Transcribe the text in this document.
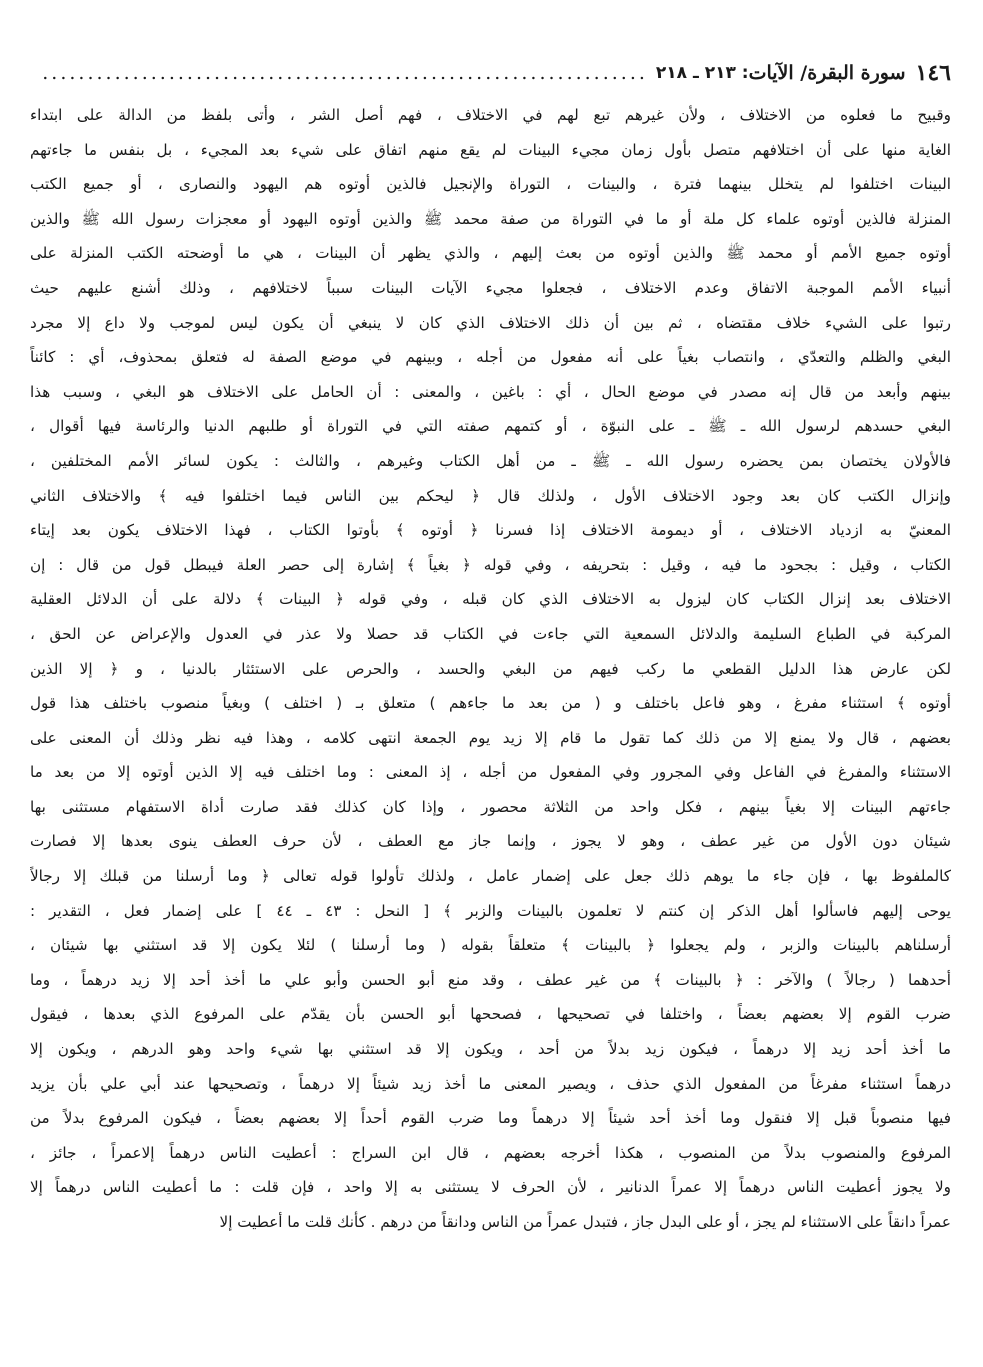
١٤٦
سورة البقرة/ الآيات
: ٢١٣ ـ ٢١٨
.....
وقبيح ما فعلوه من الاختلاف ، ولأن غيرهم تبع لهم في الاختلاف ، فهم أصل الشر ، وأتى بلفظ من الدالة على ابتداء
الغاية منها على أن اختلافهم متصل بأول زمان مجيء البينات لم يقع منهم اتفاق على شيء بعد المجيء ، بل بنفس ما جاءتهم
البينات اختلفوا لم يتخلل بينهما فترة ، والبينات ، التوراة والإنجيل فالذين أوتوه هم اليهود والنصارى ، أو جميع الكتب
المنزلة فالذين أوتوه علماء كل ملة أو ما في التوراة من صفة محمد ﷺ والذين أوتوه اليهود أو معجزات رسول الله ﷺ والذين
أوتوه جميع الأمم أو محمد ﷺ والذين أوتوه من بعث إليهم ، والذي يظهر أن البينات ، هي ما أوضحته الكتب المنزلة على
أنبياء الأمم الموجبة الاتفاق وعدم الاختلاف ، فجعلوا مجيء الآيات البينات سبباً لاختلافهم ، وذلك أشنع عليهم حيث
رتبوا على الشيء خلاف مقتضاه ، ثم بين أن ذلك الاختلاف الذي كان لا ينبغي أن يكون ليس لموجب ولا داع إلا مجرد
البغي والظلم والتعدّي ، وانتصاب بغياً على أنه مفعول من أجله ، وبينهم في موضع الصفة له فتعلق بمحذوف، أي : كائناً
بينهم وأبعد من قال إنه مصدر في موضع الحال ، أي : باغين ، والمعنى : أن الحامل على الاختلاف هو البغي ، وسبب هذا
البغي حسدهم لرسول الله ـ ﷺ ـ على النبوّة ، أو كتمهم صفته التي في التوراة أو طلبهم الدنيا والرئاسة فيها أقوال ،
فالأولان يختصان بمن يحضره رسول الله ـ ﷺ ـ من أهل الكتاب وغيرهم ، والثالث : يكون لسائر الأمم المختلفين ،
وإنزال الكتب كان بعد وجود الاختلاف الأول ، ولذلك قال ﴿ ليحكم بين الناس فيما اختلفوا فيه ﴾ والاختلاف الثاني
المعنيّ به ازدياد الاختلاف ، أو ديمومة الاختلاف إذا فسرنا ﴿ أوتوه ﴾ بأوتوا الكتاب ، فهذا الاختلاف يكون بعد إيتاء
الكتاب ، وقيل : بجحود ما فيه ، وقيل : بتحريفه ، وفي قوله ﴿ بغياً ﴾ إشارة إلى حصر العلة فيبطل قول من قال : إن
الاختلاف بعد إنزال الكتاب كان ليزول به الاختلاف الذي كان قبله ، وفي قوله ﴿ البينات ﴾ دلالة على أن الدلائل العقلية
المركبة في الطباع السليمة والدلائل السمعية التي جاءت في الكتاب قد حصلا ولا عذر في العدول والإعراض عن الحق ،
لكن عارض هذا الدليل القطعي ما ركب فيهم من البغي والحسد ، والحرص على الاستئثار بالدنيا ، و ﴿ إلا الذين
أوتوه ﴾ استثناء مفرغ ، وهو فاعل باختلف و ( من بعد ما جاءهم ) متعلق بـ ( اختلف ) وبغياً منصوب باختلف هذا قول
بعضهم ، قال ولا يمنع إلا من ذلك كما تقول ما قام إلا زيد يوم الجمعة انتهى كلامه ، وهذا فيه نظر وذلك أن المعنى على
الاستثناء والمفرغ في الفاعل وفي المجرور وفي المفعول من أجله ، إذ المعنى : وما اختلف فيه إلا الذين أوتوه إلا من بعد ما
جاءتهم البينات إلا بغياً بينهم ، فكل واحد من الثلاثة محصور ، وإذا كان كذلك فقد صارت أداة الاستفهام مستثنى بها
شيئان دون الأول من غير عطف ، وهو لا يجوز ، وإنما جاز مع العطف ، لأن حرف العطف ينوى بعدها إلا فصارت
كالملفوظ بها ، فإن جاء ما يوهم ذلك جعل على إضمار عامل ، ولذلك تأولوا قوله تعالى ﴿ وما أرسلنا من قبلك إلا رجالاً
يوحى إليهم فاسألوا أهل الذكر إن كنتم لا تعلمون بالبينات والزبر ﴾ [ النحل : ٤٣ ـ ٤٤ ] على إضمار فعل ، التقدير :
أرسلناهم بالبينات والزبر ، ولم يجعلوا ﴿ بالبينات ﴾ متعلقاً بقوله ( وما أرسلنا ) لئلا يكون إلا قد استثني بها شيئان ،
أحدهما ( رجالاً ) والآخر : ﴿ بالبينات ﴾ من غير عطف ، وقد منع أبو الحسن وأبو علي ما أخذ أحد إلا زيد درهماً ، وما
ضرب القوم إلا بعضهم بعضاً ، واختلفا في تصحيحها ، فصححها أبو الحسن بأن يقدّم على المرفوع الذي بعدها ، فيقول
ما أخذ أحد زيد إلا درهماً ، فيكون زيد بدلاً من أحد ، ويكون إلا قد استثني بها شيء واحد وهو الدرهم ، ويكون إلا
درهماً استثناء مفرغاً من المفعول الذي حذف ، ويصير المعنى ما أخذ زيد شيئاً إلا درهماً ، وتصحيحها عند أبي علي بأن يزيد
فيها منصوباً قبل إلا فنقول وما أخذ أحد شيئاً إلا درهماً وما ضرب القوم أحداً إلا بعضهم بعضاً ، فيكون المرفوع بدلاً من
المرفوع والمنصوب بدلاً من المنصوب ، هكذا أخرجه بعضهم ، قال ابن السراج : أعطيت الناس درهماً إلاعمراً ، جائز ،
ولا يجوز أعطيت الناس درهماً إلا عمراً الدنانير ، لأن الحرف لا يستثنى به إلا واحد ، فإن قلت : ما أعطيت الناس درهماً إلا
عمراً دانقاً على الاستثناء لم يجز ، أو على البدل جاز ، فتبدل عمراً من الناس ودانقاً من درهم . كأنك قلت ما أعطيت إلا
